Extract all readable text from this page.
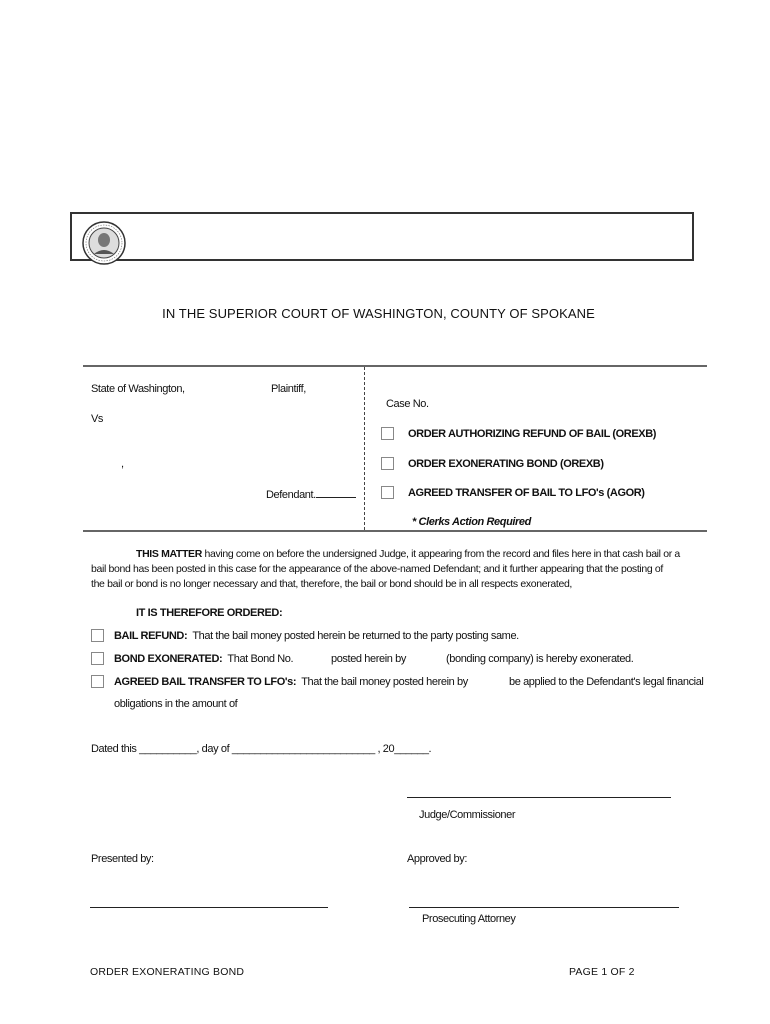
IN THE SUPERIOR COURT OF WASHINGTON, COUNTY OF SPOKANE
State of Washington,	Plaintiff,
Vs
,
Defendant.
Case No.
ORDER AUTHORIZING REFUND OF BAIL (OREXB)
ORDER EXONERATING BOND (OREXB)
AGREED TRANSFER OF BAIL TO LFO's (AGOR)
* Clerks Action Required
THIS MATTER having come on before the undersigned Judge, it appearing from the record and files here in that cash bail or a
bail bond has been posted in this case for the appearance of the above-named Defendant; and it further appearing that the posting of
the bail or bond is no longer necessary and that, therefore, the bail or bond should be in all respects exonerated,
IT IS THEREFORE ORDERED:
BAIL REFUND: That the bail money posted herein be returned to the party posting same.
BOND EXONERATED: That Bond No.	posted herein by	(bonding company) is hereby exonerated.
AGREED BAIL TRANSFER TO LFO's: That the bail money posted herein by	be applied to the Defendant's legal financial
obligations in the amount of
Dated this __________, day of _________________________ , 20______.
Judge/Commissioner
Presented by:	Approved by:
Prosecuting Attorney
ORDER EXONERATING BOND	PAGE 1 OF 2
